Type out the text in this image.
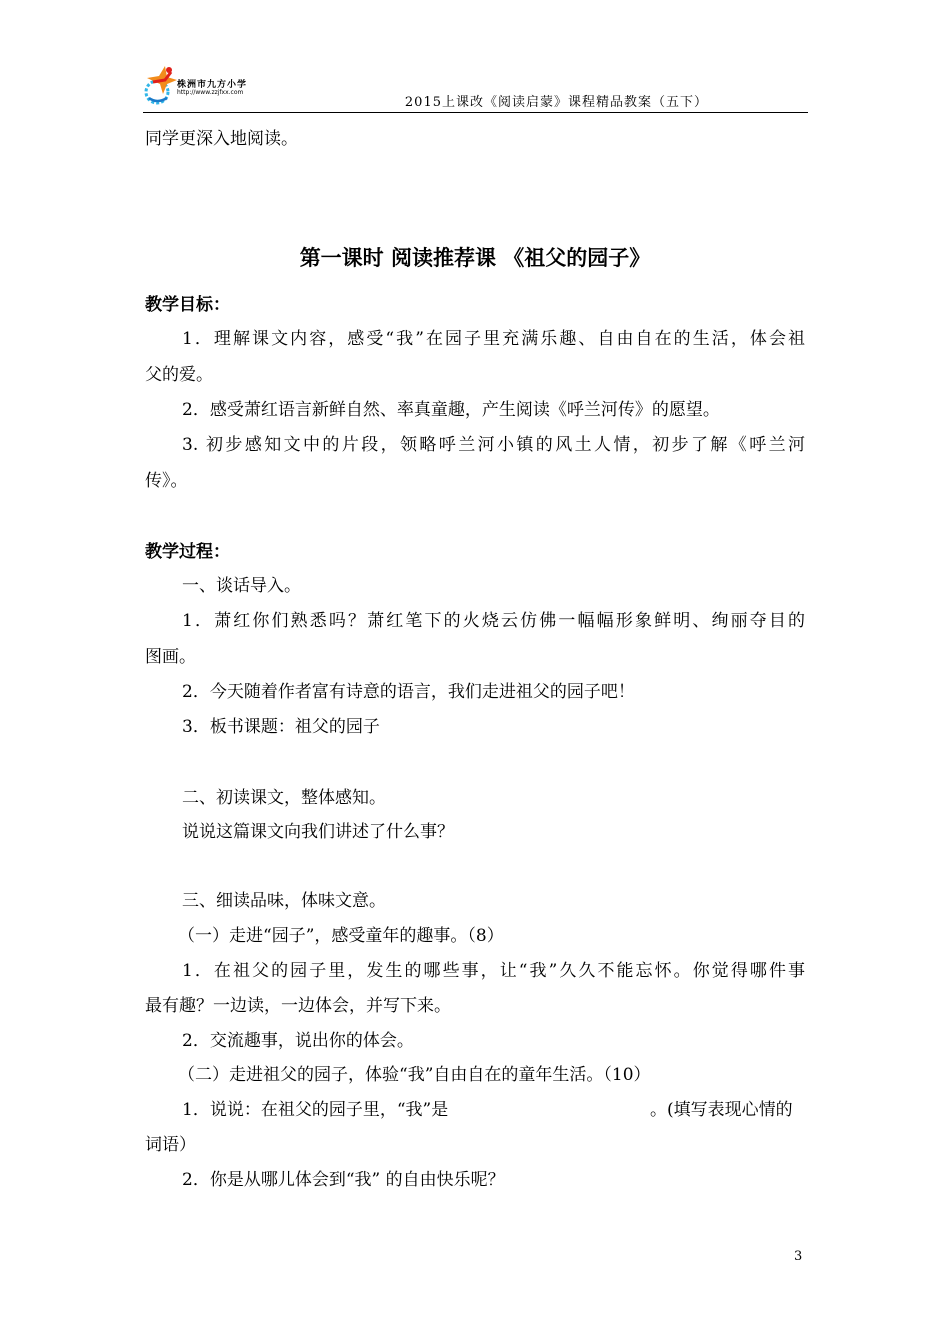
株洲市九方小学
http://www.zzjfxx.com
2015上课改《阅读启蒙》课程精品教案（五下）
同学更深入地阅读。
第一课时 阅读推荐课 《祖父的园子》
教学目标：
1．理解课文内容，感受“我”在园子里充满乐趣、自由自在的生活，体会祖
父的爱。
2．感受萧红语言新鲜自然、率真童趣，产生阅读《呼兰河传》的愿望。
3. 初步感知文中的片段，领略呼兰河小镇的风土人情，初步了解《呼兰河
传》。
教学过程：
一、谈话导入。
1．萧红你们熟悉吗？萧红笔下的火烧云仿佛一幅幅形象鲜明、绚丽夺目的
图画。
2．今天随着作者富有诗意的语言，我们走进祖父的园子吧！
3．板书课题：祖父的园子
二、初读课文，整体感知。
说说这篇课文向我们讲述了什么事？
三、细读品味，体味文意。
（一）走进“园子”，感受童年的趣事。（8）
1．在祖父的园子里，发生的哪些事，让“我”久久不能忘怀。你觉得哪件事
最有趣？一边读，一边体会，并写下来。
2．交流趣事，说出你的体会。
（二）走进祖父的园子，体验“我”自由自在的童年生活。（10）
1．说说：在祖父的园子里，“我”是	。(填写表现心情的
词语）
2．你是从哪儿体会到“我” 的自由快乐呢？
3
